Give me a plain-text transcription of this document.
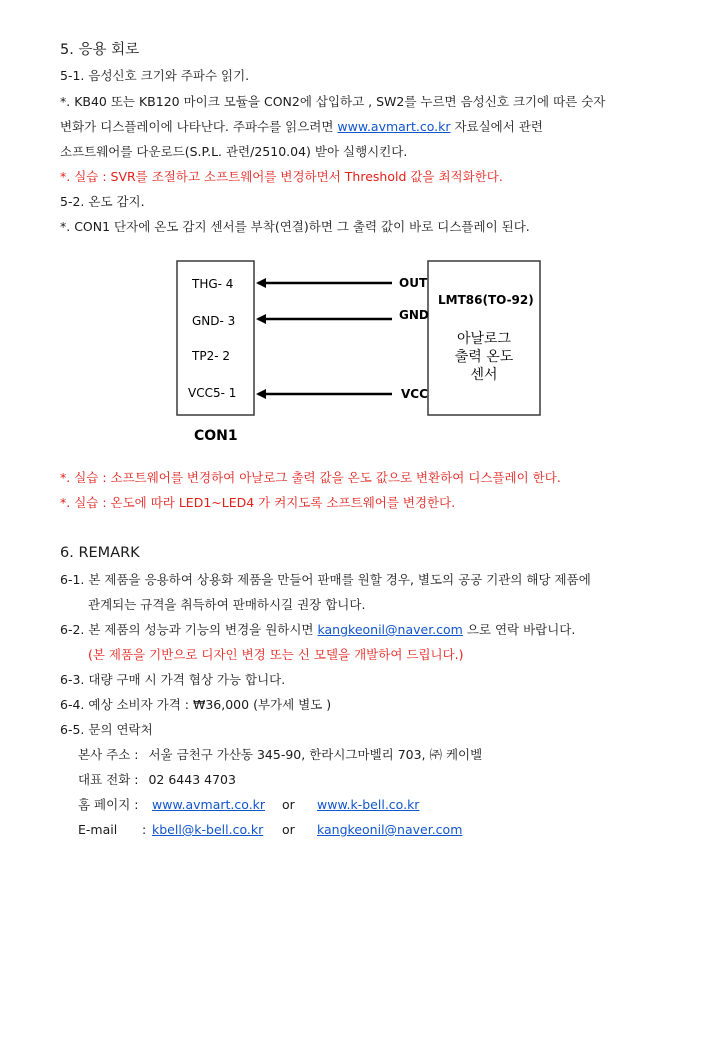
5. 응용 회로
5-1. 음성신호 크기와 주파수 읽기.
*. KB40 또는 KB120 마이크 모듈을 CON2에 삽입하고 , SW2를 누르면 음성신호 크기에 따른 숫자
변화가 디스플레이에 나타난다. 주파수를 읽으려면 www.avmart.co.kr 자료실에서 관련
소프트웨어를 다운로드(S.P.L. 관련/2510.04) 받아 실행시킨다.
*. 실습 : SVR를 조절하고 소프트웨어를 변경하면서 Threshold 값을 최적화한다.
5-2. 온도 감지.
*. CON1 단자에 온도 감지 센서를 부착(연결)하면 그 출력 값이 바로 디스플레이 된다.
THG- 4
GND- 3
TP2- 2
VCC5- 1
CON1
LMT86(TO-92)
아날로그
출력 온도
센서
OUT
GND
VCC
*. 실습 : 소프트웨어를 변경하여 아날로그 출력 값을 온도 값으로 변환하여 디스플레이 한다.
*. 실습 : 온도에 따라 LED1~LED4 가 켜지도록 소프트웨어를 변경한다.
6. REMARK
6-1. 본 제품을 응용하여 상용화 제품을 만들어 판매를 원할 경우, 별도의 공공 기관의 해당 제품에
관계되는 규격을 취득하여 판매하시길 권장 합니다.
6-2. 본 제품의 성능과 기능의 변경을 원하시면 kangkeonil@naver.com 으로 연락 바랍니다.
(본 제품을 기반으로 디자인 변경 또는 신 모델을 개발하여 드립니다.)
6-3. 대량 구매 시 가격 협상 가능 합니다.
6-4. 예상 소비자 가격 : ₩36,000 (부가세 별도 )
6-5. 문의 연락처
본사 주소 : 서울 금천구 가산동 345-90, 한라시그마벨리 703, ㈜ 케이벨
대표 전화 : 02 6443 4703
홈 페이지 : www.avmart.co.kr or www.k-bell.co.kr
E-mail : kbell@k-bell.co.kr or kangkeonil@naver.com
